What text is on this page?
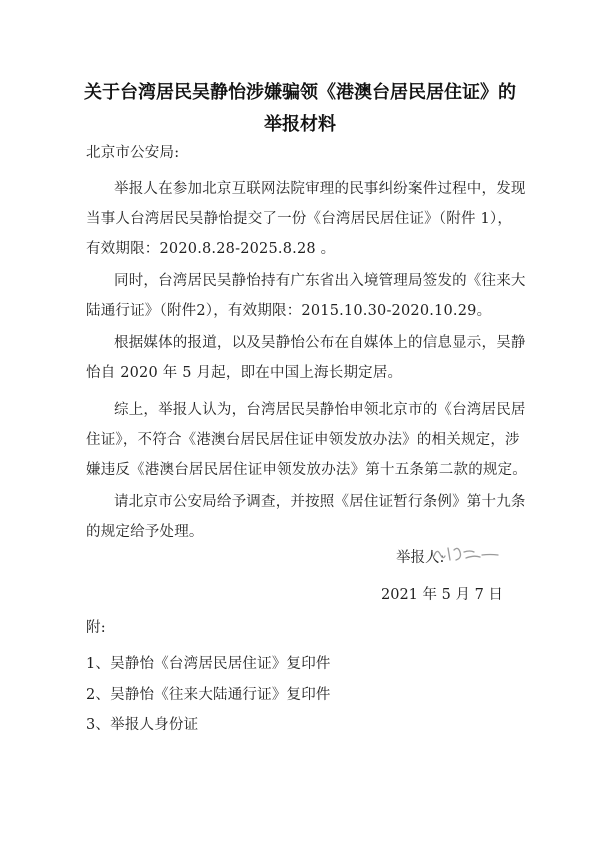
关于台湾居民吴静怡涉嫌骗领《港澳台居民居住证》的
举报材料
北京市公安局:
举报人在参加北京互联网法院审理的民事纠纷案件过程中，发现
当事人台湾居民吴静怡提交了一份《台湾居民居住证》（附件 1），
有效期限：2020.8.28-2025.8.28 。
同时，台湾居民吴静怡持有广东省出入境管理局签发的《往来大
陆通行证》（附件2），有效期限：2015.10.30-2020.10.29。
根据媒体的报道，以及吴静怡公布在自媒体上的信息显示，吴静
怡自 2020 年 5 月起，即在中国上海长期定居。
综上，举报人认为，台湾居民吴静怡申领北京市的《台湾居民居
住证》，不符合《港澳台居民居住证申领发放办法》的相关规定，涉
嫌违反《港澳台居民居住证申领发放办法》第十五条第二款的规定。
请北京市公安局给予调查，并按照《居住证暂行条例》第十九条
的规定给予处理。
举报人:
2021 年 5 月 7 日
附:
1、吴静怡《台湾居民居住证》复印件
2、吴静怡《往来大陆通行证》复印件
3、举报人身份证
